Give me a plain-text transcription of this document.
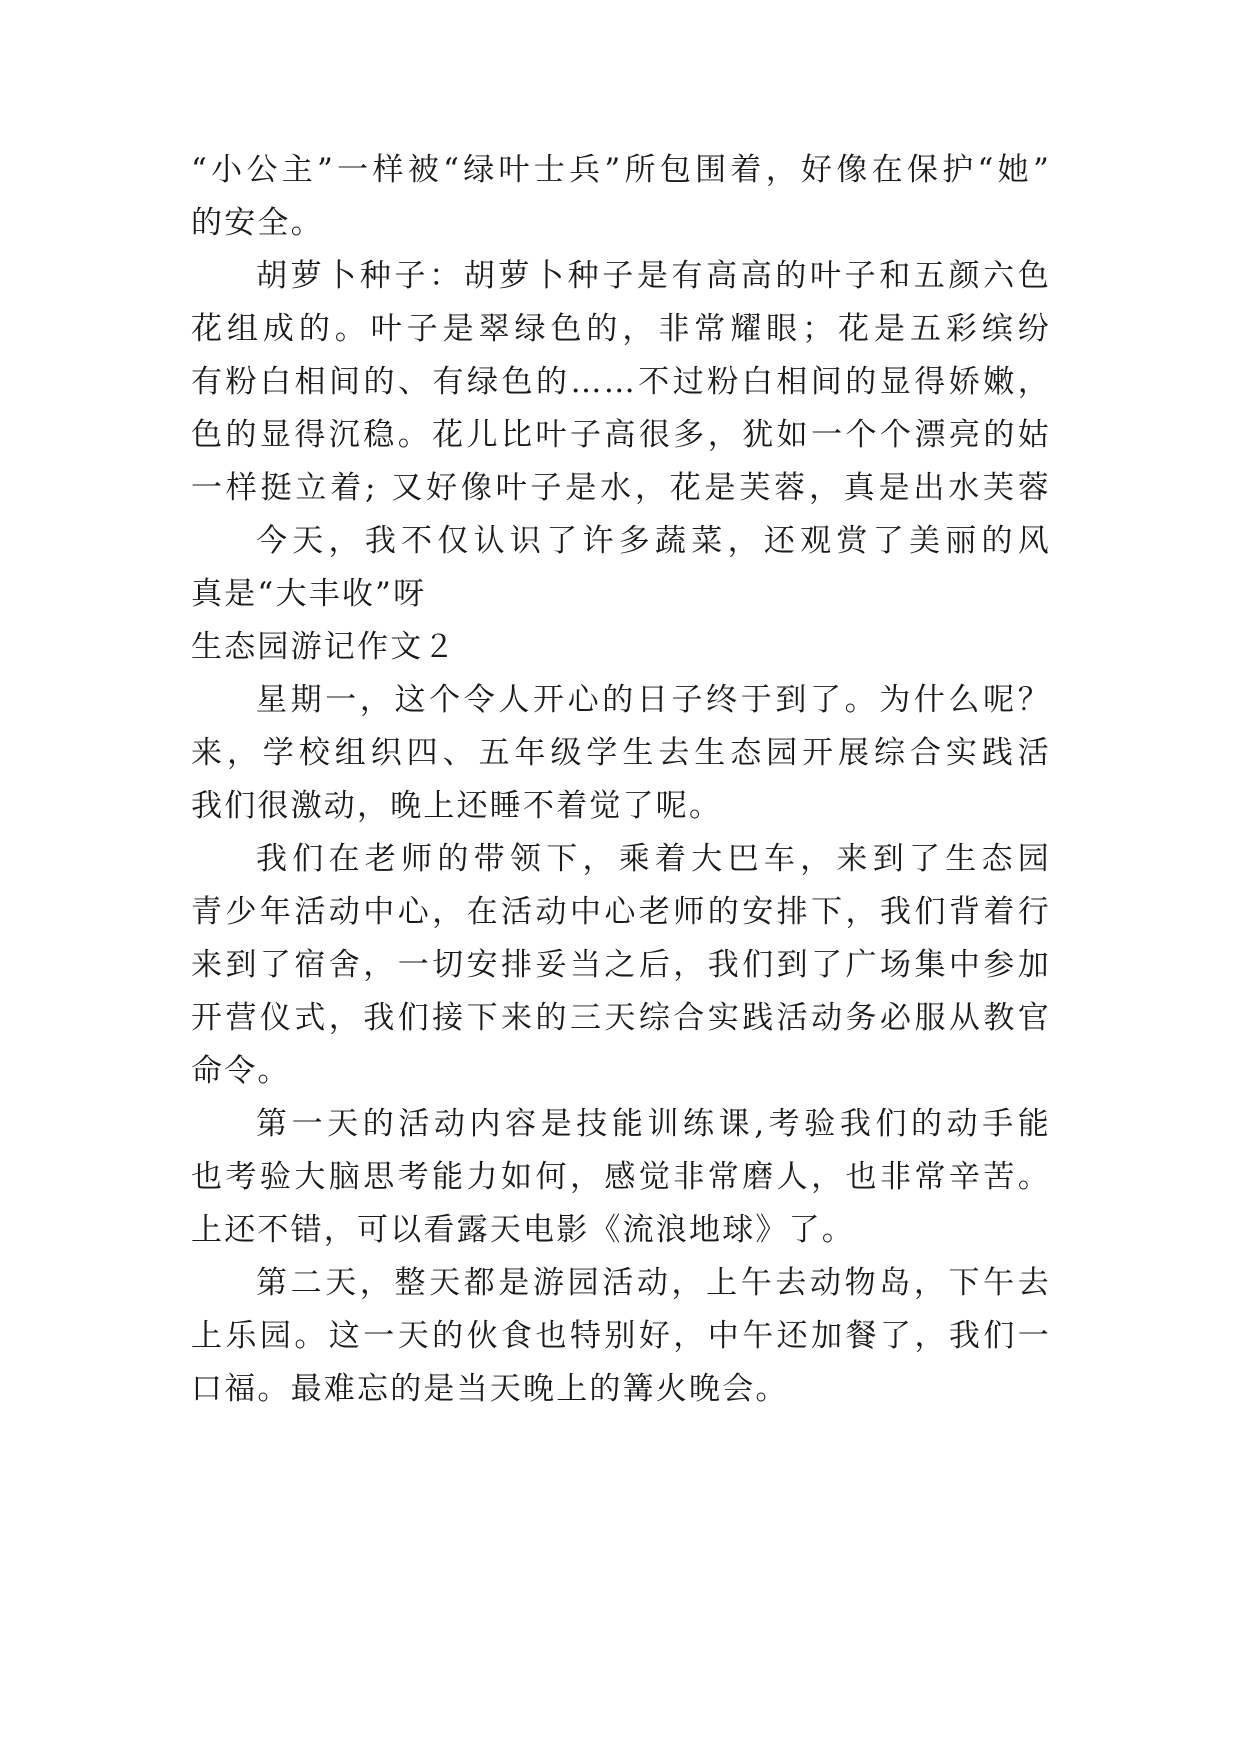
“小公主”一样被“绿叶士兵”所包围着，好像在保护“她”

的安全。

胡萝卜种子：胡萝卜种子是有高高的叶子和五颜六色

花组成的。叶子是翠绿色的，非常耀眼；花是五彩缤纷

有粉白相间的、有绿色的……不过粉白相间的显得娇嫩，

色的显得沉稳。花儿比叶子高很多，犹如一个个漂亮的姑

一样挺立着; 又好像叶子是水，花是芙蓉，真是出水芙蓉

今天，我不仅认识了许多蔬菜，还观赏了美丽的风

真是“大丰收”呀

生态园游记作文２

星期一，这个令人开心的日子终于到了。为什么呢？

来，学校组织四、五年级学生去生态园开展综合实践活

我们很激动，晚上还睡不着觉了呢。

我们在老师的带领下，乘着大巴车，来到了生态园

青少年活动中心，在活动中心老师的安排下，我们背着行

来到了宿舍，一切安排妥当之后，我们到了广场集中参加

开营仪式，我们接下来的三天综合实践活动务必服从教官

命令。

第一天的活动内容是技能训练课,考验我们的动手能

也考验大脑思考能力如何，感觉非常磨人，也非常辛苦。

上还不错，可以看露天电影《流浪地球》了。

第二天，整天都是游园活动，上午去动物岛，下午去

上乐园。这一天的伙食也特别好，中午还加餐了，我们一

口福。最难忘的是当天晚上的篝火晚会。
